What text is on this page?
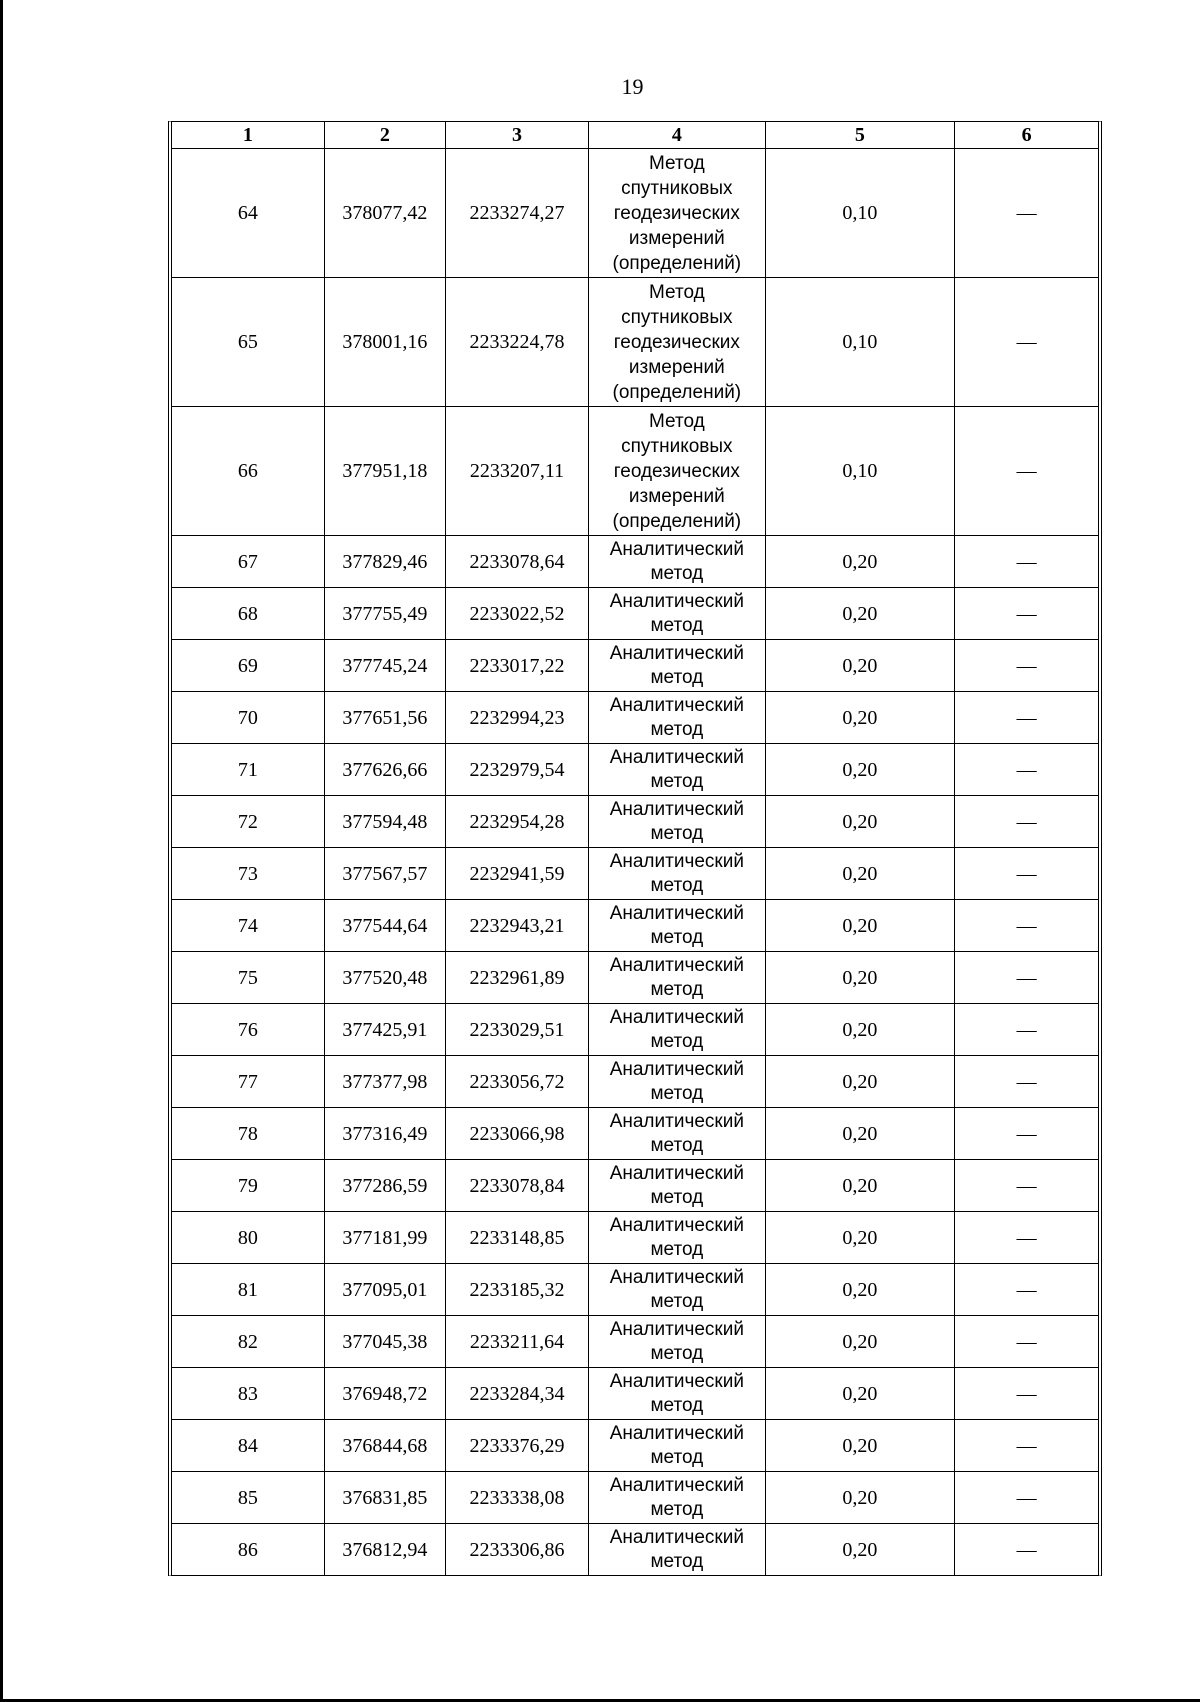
19
1	2	3	4	5	6
64	378077,42	2233274,27	Метод спутниковых геодезических измерений (определений)	0,10	—
65	378001,16	2233224,78	Метод спутниковых геодезических измерений (определений)	0,10	—
66	377951,18	2233207,11	Метод спутниковых геодезических измерений (определений)	0,10	—
67	377829,46	2233078,64	Аналитический метод	0,20	—
68	377755,49	2233022,52	Аналитический метод	0,20	—
69	377745,24	2233017,22	Аналитический метод	0,20	—
70	377651,56	2232994,23	Аналитический метод	0,20	—
71	377626,66	2232979,54	Аналитический метод	0,20	—
72	377594,48	2232954,28	Аналитический метод	0,20	—
73	377567,57	2232941,59	Аналитический метод	0,20	—
74	377544,64	2232943,21	Аналитический метод	0,20	—
75	377520,48	2232961,89	Аналитический метод	0,20	—
76	377425,91	2233029,51	Аналитический метод	0,20	—
77	377377,98	2233056,72	Аналитический метод	0,20	—
78	377316,49	2233066,98	Аналитический метод	0,20	—
79	377286,59	2233078,84	Аналитический метод	0,20	—
80	377181,99	2233148,85	Аналитический метод	0,20	—
81	377095,01	2233185,32	Аналитический метод	0,20	—
82	377045,38	2233211,64	Аналитический метод	0,20	—
83	376948,72	2233284,34	Аналитический метод	0,20	—
84	376844,68	2233376,29	Аналитический метод	0,20	—
85	376831,85	2233338,08	Аналитический метод	0,20	—
86	376812,94	2233306,86	Аналитический метод	0,20	—
